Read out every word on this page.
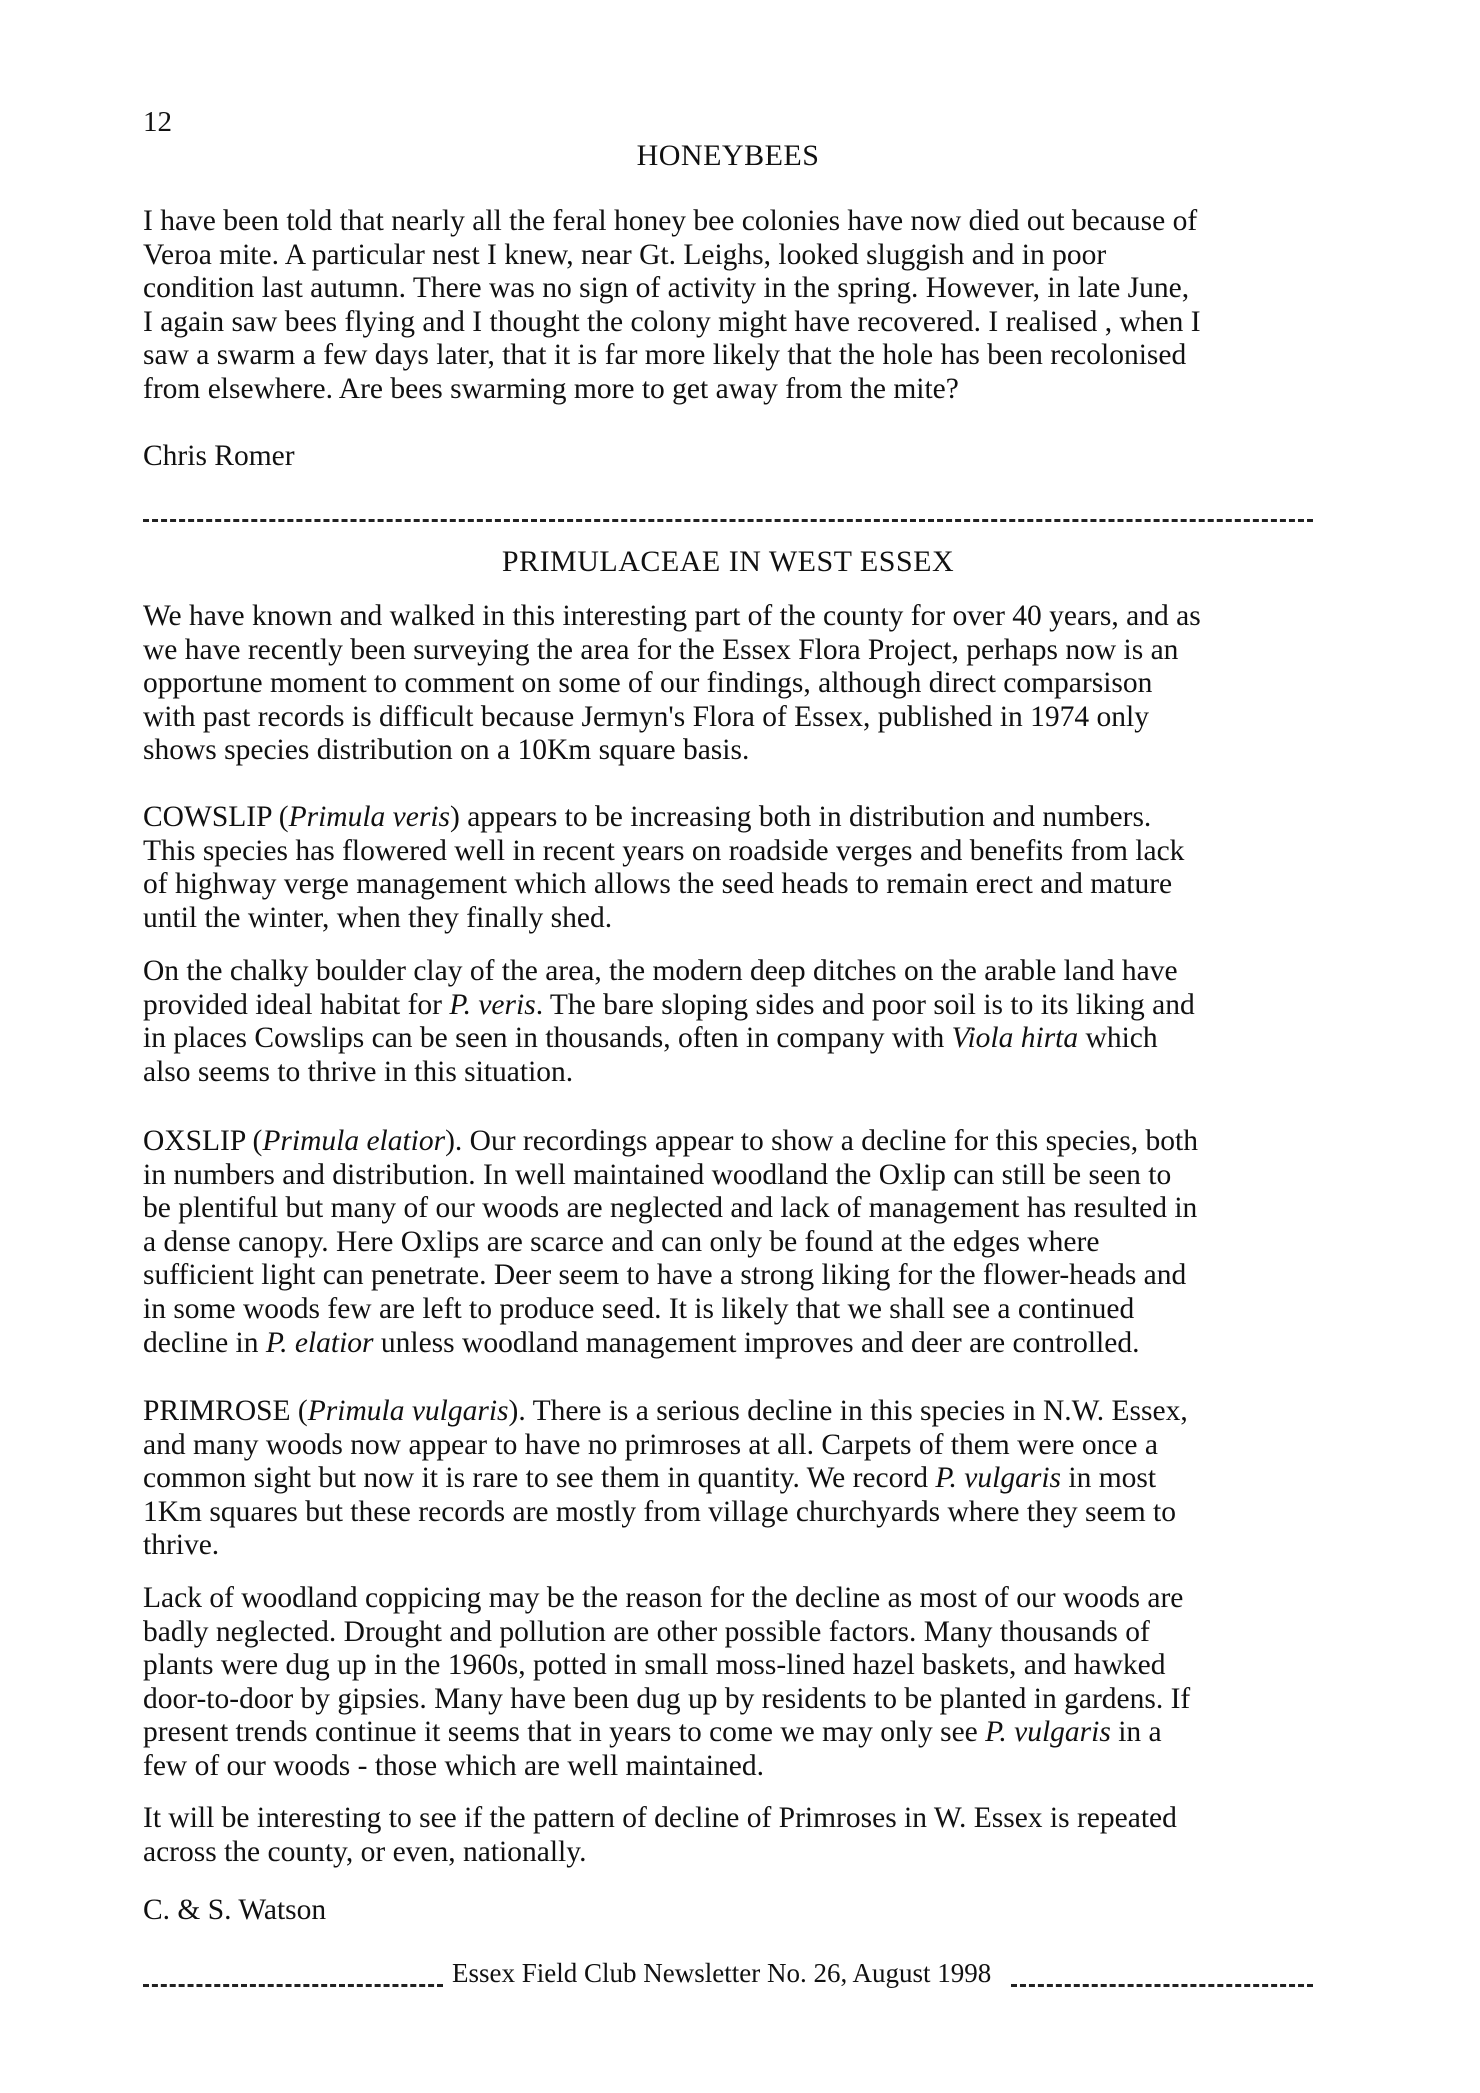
12
HONEYBEES

I have been told that nearly all the feral honey bee colonies have now died out because of
Veroa mite. A particular nest I knew, near Gt. Leighs, looked sluggish and in poor
condition last autumn. There was no sign of activity in the spring. However, in late June,
I again saw bees flying and I thought the colony might have recovered. I realised , when I
saw a swarm a few days later, that it is far more likely that the hole has been recolonised
from elsewhere. Are bees swarming more to get away from the mite?

Chris Romer
PRIMULACEAE IN WEST ESSEX

We have known and walked in this interesting part of the county for over 40 years, and as
we have recently been surveying the area for the Essex Flora Project, perhaps now is an
opportune moment to comment on some of our findings, although direct comparsison
with past records is difficult because Jermyn's Flora of Essex, published in 1974 only
shows species distribution on a 10Km square basis.

COWSLIP (Primula veris) appears to be increasing both in distribution and numbers.
This species has flowered well in recent years on roadside verges and benefits from lack
of highway verge management which allows the seed heads to remain erect and mature
until the winter, when they finally shed.

On the chalky boulder clay of the area, the modern deep ditches on the arable land have
provided ideal habitat for P. veris. The bare sloping sides and poor soil is to its liking and
in places Cowslips can be seen in thousands, often in company with Viola hirta which
also seems to thrive in this situation.

OXSLIP (Primula elatior). Our recordings appear to show a decline for this species, both
in numbers and distribution. In well maintained woodland the Oxlip can still be seen to
be plentiful but many of our woods are neglected and lack of management has resulted in
a dense canopy. Here Oxlips are scarce and can only be found at the edges where
sufficient light can penetrate. Deer seem to have a strong liking for the flower-heads and
in some woods few are left to produce seed. It is likely that we shall see a continued
decline in P. elatior unless woodland management improves and deer are controlled.

PRIMROSE (Primula vulgaris). There is a serious decline in this species in N.W. Essex,
and many woods now appear to have no primroses at all. Carpets of them were once a
common sight but now it is rare to see them in quantity. We record P. vulgaris in most
1Km squares but these records are mostly from village churchyards where they seem to
thrive.

Lack of woodland coppicing may be the reason for the decline as most of our woods are
badly neglected. Drought and pollution are other possible factors. Many thousands of
plants were dug up in the 1960s, potted in small moss-lined hazel baskets, and hawked
door-to-door by gipsies. Many have been dug up by residents to be planted in gardens. If
present trends continue it seems that in years to come we may only see P. vulgaris in a
few of our woods - those which are well maintained.

It will be interesting to see if the pattern of decline of Primroses in W. Essex is repeated
across the county, or even, nationally.

C. & S. Watson
Essex Field Club Newsletter No. 26, August 1998
